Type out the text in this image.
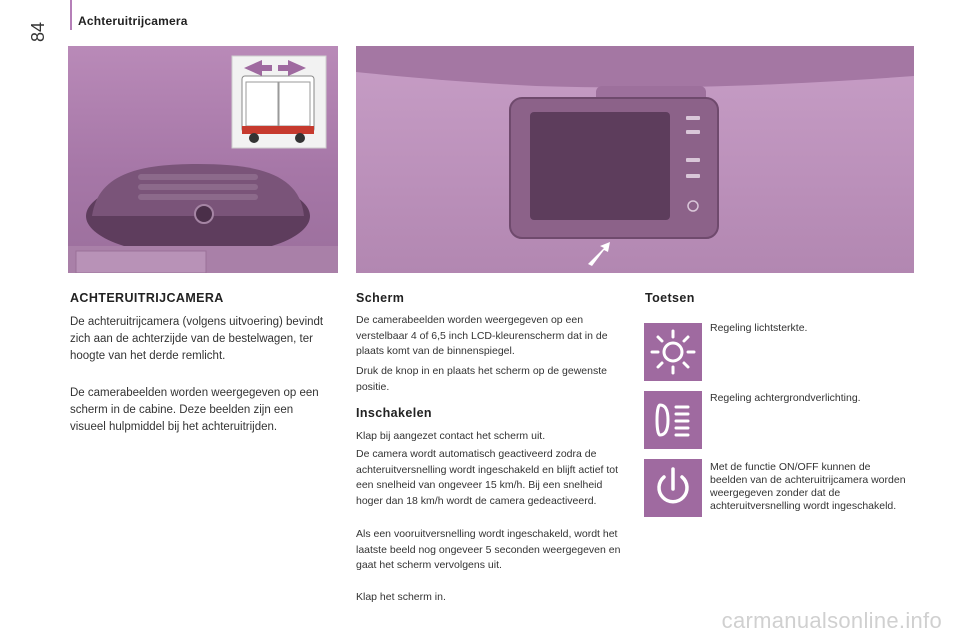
84
Achteruitrijcamera
ACHTERUITRIJCAMERA

De achteruitrijcamera (volgens uitvoering) bevindt zich aan de achterzijde van de bestelwagen, ter hoogte van het derde remlicht.

De camerabeelden worden weergegeven op een scherm in de cabine. Deze beelden zijn een visueel hulpmiddel bij het achteruitrijden.

Scherm

De camerabeelden worden weergegeven op een verstelbaar 4 of 6,5 inch LCD-kleurenscherm dat in de plaats komt van de binnenspiegel.

Druk de knop in en plaats het scherm op de gewenste positie.

Inschakelen

Klap bij aangezet contact het scherm uit.

De camera wordt automatisch geactiveerd zodra de achteruitversnelling wordt ingeschakeld en blijft actief tot een snelheid van ongeveer 15 km/h. Bij een snelheid hoger dan 18 km/h wordt de camera gedeactiveerd.

Als een vooruitversnelling wordt ingeschakeld, wordt het laatste beeld nog ongeveer 5 seconden weergegeven en gaat het scherm vervolgens uit.

Klap het scherm in.

Toetsen
Regeling lichtsterkte.
Regeling achtergrondverlichting.
Met de functie ON/OFF kunnen de beelden van de achteruitrijcamera worden weergegeven zonder dat de achteruitversnelling wordt ingeschakeld.
carmanualsonline.info
